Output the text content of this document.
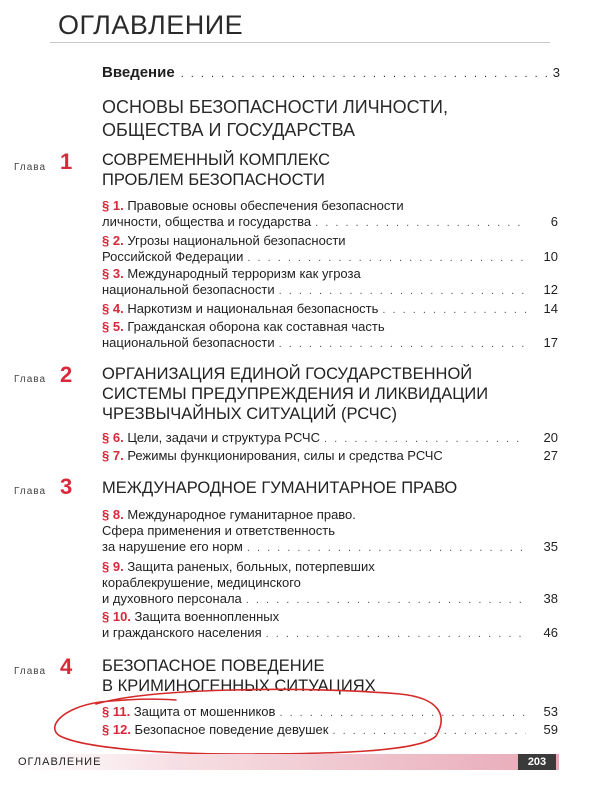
ОГЛАВЛЕНИЕ
Введение . . .	3
ОСНОВЫ БЕЗОПАСНОСТИ ЛИЧНОСТИ,
ОБЩЕСТВА И ГОСУДАРСТВА
Глава 1 СОВРЕМЕННЫЙ КОМПЛЕКС
ПРОБЛЕМ БЕЗОПАСНОСТИ
§ 1.
Правовые основы обеспечения безопасности
личности, общества и государства . . .	6
§ 2.
Угрозы национальной безопасности
Российской Федерации . . .	10
§ 3.
Международный терроризм как угроза
национальной безопасности . . .	12
§ 4.
Наркотизм и национальная безопасность . . .	14
§ 5.
Гражданская оборона как составная часть
национальной безопасности . . .	17
Глава 2 ОРГАНИЗАЦИЯ ЕДИНОЙ ГОСУДАРСТВЕННОЙ
СИСТЕМЫ ПРЕДУПРЕЖДЕНИЯ И ЛИКВИДАЦИИ
ЧРЕЗВЫЧАЙНЫХ СИТУАЦИЙ (РСЧС)
§ 6.
Цели, задачи и структура РСЧС . . .	20
§ 7.
Режимы функционирования, силы и средства РСЧС	27
Глава 3 МЕЖДУНАРОДНОЕ ГУМАНИТАРНОЕ ПРАВО
§ 8.
Международное гуманитарное право.
Сфера применения и ответственность
за нарушение его норм . . .	35
§ 9.
Защита раненых, больных, потерпевших
кораблекрушение, медицинского
и духовного персонала . . .	38
§ 10.
Защита военнопленных
и гражданского населения . . .	46
Глава 4 БЕЗОПАСНОЕ ПОВЕДЕНИЕ
В КРИМИНОГЕННЫХ СИТУАЦИЯХ
§ 11.
Защита от мошенников . . .	53
§ 12.
Безопасное поведение девушек . . .	59
ОГЛАВЛЕНИЕ	203
